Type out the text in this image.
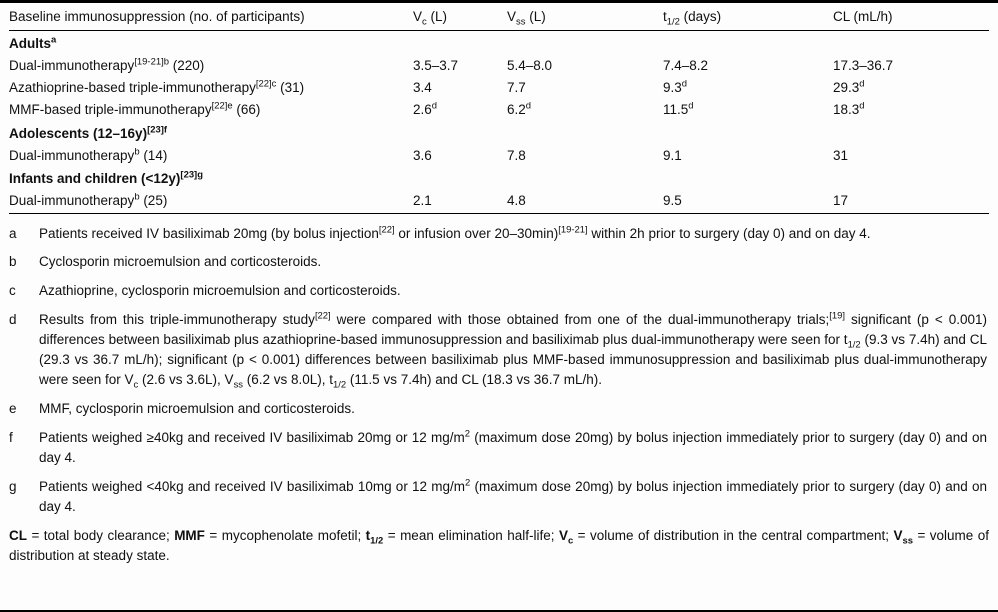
Baseline immunosuppression (no. of participants)	$V_c$ (L)	$V_{ss}$ (L)	$t_{1/2}$ (days)	CL (mL/h)
Adults$^a$
Dual-immunotherapy$^{[19-21]b}$ (220)	3.5–3.7	5.4–8.0	7.4–8.2	17.3–36.7
Azathioprine-based triple-immunotherapy$^{[22]c}$ (31)	3.4	7.7	9.3$^d$	29.3$^d$
MMF-based triple-immunotherapy$^{[22]e}$ (66)	2.6$^d$	6.2$^d$	11.5$^d$	18.3$^d$
Adolescents $(12-16y)^{[23]f}$
Dual-immunotherapy$^b$ (14)	3.6	7.8	9.1	31
Infants and children (<12y)$^{[23]g}$
Dual-immunotherapy$^b$ (25)	2.1	4.8	9.5	17
a	Patients received IV basiliximab 20mg (by bolus injection[22] or infusion over 20–30min)[19-21] within 2h prior to surgery (day 0) and on day 4.
b	Cyclosporin microemulsion and corticosteroids.
c	Azathioprine, cyclosporin microemulsion and corticosteroids.
d	Results from this triple-immunotherapy study[22] were compared with those obtained from one of the dual-immunotherapy trials;[19] significant (p < 0.001) differences between basiliximab plus azathioprine-based immunosuppression and basiliximab plus dual-immunotherapy were seen for $t_{1/2}$ (9.3 vs 7.4h) and CL (29.3 vs 36.7 mL/h); significant (p < 0.001) differences between basiliximab plus MMF-based immunosuppression and basiliximab plus dual-immunotherapy were seen for $V_c$ (2.6 vs 3.6L), $V_{ss}$ (6.2 vs 8.0L), $t_{1/2}$ (11.5 vs 7.4h) and CL (18.3 vs 36.7 mL/h).
e	MMF, cyclosporin microemulsion and corticosteroids.
f	Patients weighed ≥40kg and received IV basiliximab 20mg or 12 $mg/m^2$ (maximum dose 20mg) by bolus injection immediately prior to surgery (day 0) and on day 4.
g	Patients weighed <40kg and received IV basiliximab 10mg or 12 $mg/m^2$ (maximum dose 20mg) by bolus injection immediately prior to surgery (day 0) and on day 4.
CL = total body clearance; MMF = mycophenolate mofetil; $t_{1/2}$ = mean elimination half-life; $V_c$ = volume of distribution in the central compartment; $V_{ss}$ = volume of distribution at steady state.
